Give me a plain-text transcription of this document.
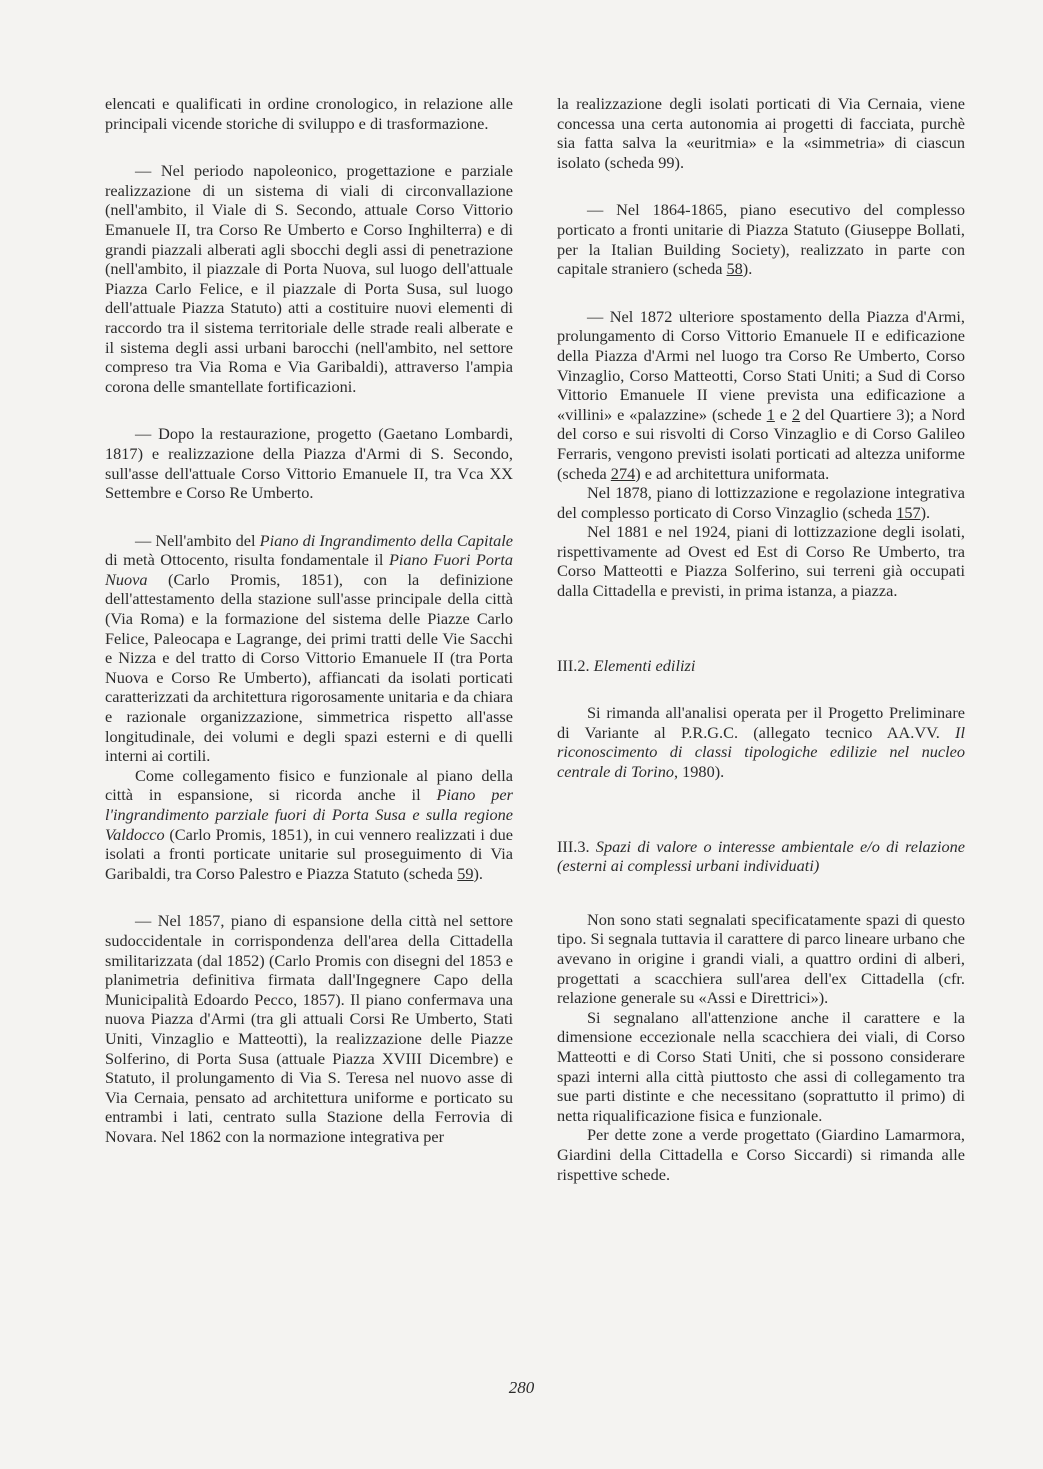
elencati e qualificati in ordine cronologico, in relazione alle principali vicende storiche di sviluppo e di trasformazione.

— Nel periodo napoleonico, progettazione e parziale realizzazione di un sistema di viali di circonvallazione (nell'ambito, il Viale di S. Secondo, attuale Corso Vittorio Emanuele II, tra Corso Re Umberto e Corso Inghilterra) e di grandi piazzali alberati agli sbocchi degli assi di penetrazione (nell'ambito, il piazzale di Porta Nuova, sul luogo dell'attuale Piazza Carlo Felice, e il piazzale di Porta Susa, sul luogo dell'attuale Piazza Statuto) atti a costituire nuovi elementi di raccordo tra il sistema territoriale delle strade reali alberate e il sistema degli assi urbani barocchi (nell'ambito, nel settore compreso tra Via Roma e Via Garibaldi), attraverso l'ampia corona delle smantellate fortificazioni.

— Dopo la restaurazione, progetto (Gaetano Lombardi, 1817) e realizzazione della Piazza d'Armi di S. Secondo, sull'asse dell'attuale Corso Vittorio Emanuele II, tra Vca XX Settembre e Corso Re Umberto.

— Nell'ambito del Piano di Ingrandimento della Capitale di metà Ottocento, risulta fondamentale il Piano Fuori Porta Nuova (Carlo Promis, 1851), con la definizione dell'attestamento della stazione sull'asse principale della città (Via Roma) e la formazione del sistema delle Piazze Carlo Felice, Paleocapa e Lagrange, dei primi tratti delle Vie Sacchi e Nizza e del tratto di Corso Vittorio Emanuele II (tra Porta Nuova e Corso Re Umberto), affiancati da isolati porticati caratterizzati da architettura rigorosamente unitaria e da chiara e razionale organizzazione, simmetrica rispetto all'asse longitudinale, dei volumi e degli spazi esterni e di quelli interni ai cortili.

Come collegamento fisico e funzionale al piano della città in espansione, si ricorda anche il Piano per l'ingrandimento parziale fuori di Porta Susa e sulla regione Valdocco (Carlo Promis, 1851), in cui vennero realizzati i due isolati a fronti porticate unitarie sul proseguimento di Via Garibaldi, tra Corso Palestro e Piazza Statuto (scheda 59).

— Nel 1857, piano di espansione della città nel settore sudoccidentale in corrispondenza dell'area della Cittadella smilitarizzata (dal 1852) (Carlo Promis con disegni del 1853 e planimetria definitiva firmata dall'Ingegnere Capo della Municipalità Edoardo Pecco, 1857). Il piano confermava una nuova Piazza d'Armi (tra gli attuali Corsi Re Umberto, Stati Uniti, Vinzaglio e Matteotti), la realizzazione delle Piazze Solferino, di Porta Susa (attuale Piazza XVIII Dicembre) e Statuto, il prolungamento di Via S. Teresa nel nuovo asse di Via Cernaia, pensato ad architettura uniforme e porticato su entrambi i lati, centrato sulla Stazione della Ferrovia di Novara. Nel 1862 con la normazione integrativa per

la realizzazione degli isolati porticati di Via Cernaia, viene concessa una certa autonomia ai progetti di facciata, purchè sia fatta salva la «euritmia» e la «simmetria» di ciascun isolato (scheda 99).

— Nel 1864-1865, piano esecutivo del complesso porticato a fronti unitarie di Piazza Statuto (Giuseppe Bollati, per la Italian Building Society), realizzato in parte con capitale straniero (scheda 58).

— Nel 1872 ulteriore spostamento della Piazza d'Armi, prolungamento di Corso Vittorio Emanuele II e edificazione della Piazza d'Armi nel luogo tra Corso Re Umberto, Corso Vinzaglio, Corso Matteotti, Corso Stati Uniti; a Sud di Corso Vittorio Emanuele II viene prevista una edificazione a «villini» e «palazzine» (schede 1 e 2 del Quartiere 3); a Nord del corso e sui risvolti di Corso Vinzaglio e di Corso Galileo Ferraris, vengono previsti isolati porticati ad altezza uniforme (scheda 274) e ad architettura uniformata.

Nel 1878, piano di lottizzazione e regolazione integrativa del complesso porticato di Corso Vinzaglio (scheda 157).

Nel 1881 e nel 1924, piani di lottizzazione degli isolati, rispettivamente ad Ovest ed Est di Corso Re Umberto, tra Corso Matteotti e Piazza Solferino, sui terreni già occupati dalla Cittadella e previsti, in prima istanza, a piazza.

III.2. Elementi edilizi

Si rimanda all'analisi operata per il Progetto Preliminare di Variante al P.R.G.C. (allegato tecnico AA.VV. Il riconoscimento di classi tipologiche edilizie nel nucleo centrale di Torino, 1980).

III.3. Spazi di valore o interesse ambientale e/o di relazione (esterni ai complessi urbani individuati)

Non sono stati segnalati specificatamente spazi di questo tipo. Si segnala tuttavia il carattere di parco lineare urbano che avevano in origine i grandi viali, a quattro ordini di alberi, progettati a scacchiera sull'area dell'ex Cittadella (cfr. relazione generale su «Assi e Direttrici»).

Si segnalano all'attenzione anche il carattere e la dimensione eccezionale nella scacchiera dei viali, di Corso Matteotti e di Corso Stati Uniti, che si possono considerare spazi interni alla città piuttosto che assi di collegamento tra sue parti distinte e che necessitano (soprattutto il primo) di netta riqualificazione fisica e funzionale.

Per dette zone a verde progettato (Giardino Lamarmora, Giardini della Cittadella e Corso Siccardi) si rimanda alle rispettive schede.

280
